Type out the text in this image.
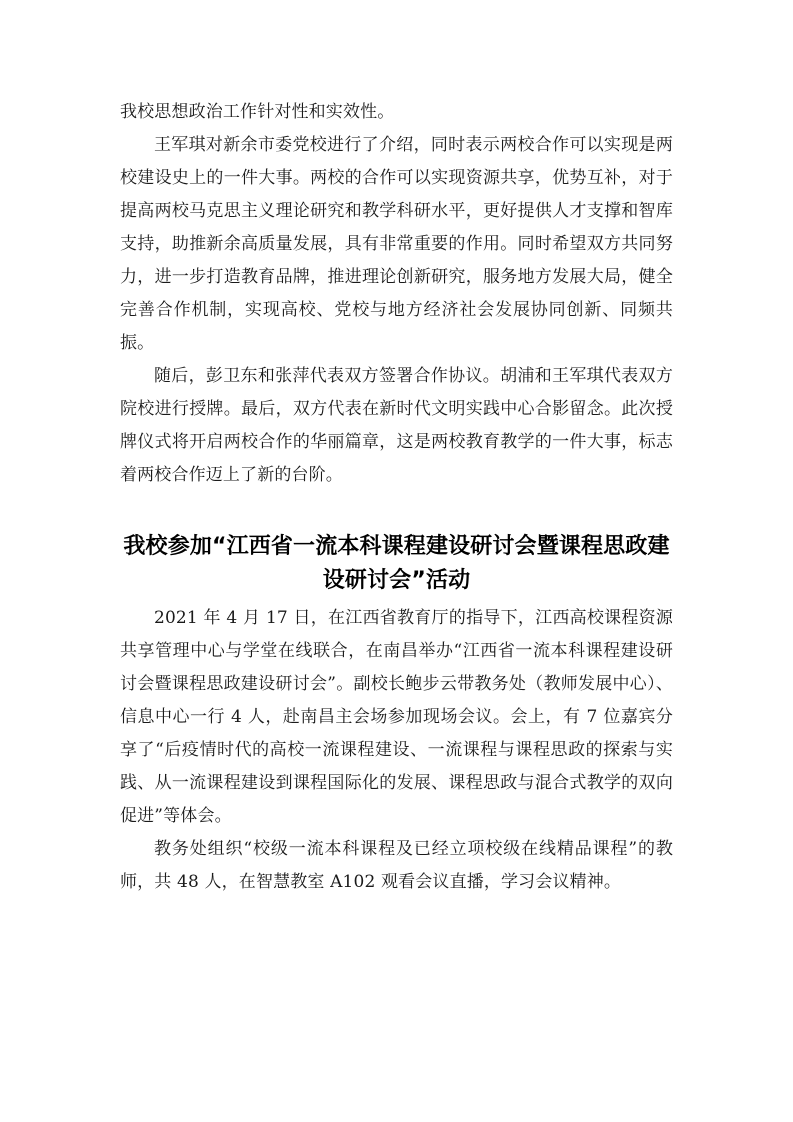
我校思想政治工作针对性和实效性。

王军琪对新余市委党校进行了介绍，同时表示两校合作可以实现是两校建设史上的一件大事。两校的合作可以实现资源共享，优势互补，对于提高两校马克思主义理论研究和教学科研水平，更好提供人才支撑和智库支持，助推新余高质量发展，具有非常重要的作用。同时希望双方共同努力，进一步打造教育品牌，推进理论创新研究，服务地方发展大局，健全完善合作机制，实现高校、党校与地方经济社会发展协同创新、同频共振。

随后，彭卫东和张萍代表双方签署合作协议。胡浦和王军琪代表双方院校进行授牌。最后，双方代表在新时代文明实践中心合影留念。此次授牌仪式将开启两校合作的华丽篇章，这是两校教育教学的一件大事，标志着两校合作迈上了新的台阶。

我校参加“江西省一流本科课程建设研讨会暨课程思政建设研讨会”活动

2021 年 4 月 17 日，在江西省教育厅的指导下，江西高校课程资源共享管理中心与学堂在线联合，在南昌举办“江西省一流本科课程建设研讨会暨课程思政建设研讨会”。副校长鲍步云带教务处（教师发展中心）、信息中心一行 4 人，赴南昌主会场参加现场会议。会上，有 7 位嘉宾分享了“后疫情时代的高校一流课程建设、一流课程与课程思政的探索与实践、从一流课程建设到课程国际化的发展、课程思政与混合式教学的双向促进”等体会。

教务处组织“校级一流本科课程及已经立项校级在线精品课程”的教师，共 48 人，在智慧教室 A102 观看会议直播，学习会议精神。
